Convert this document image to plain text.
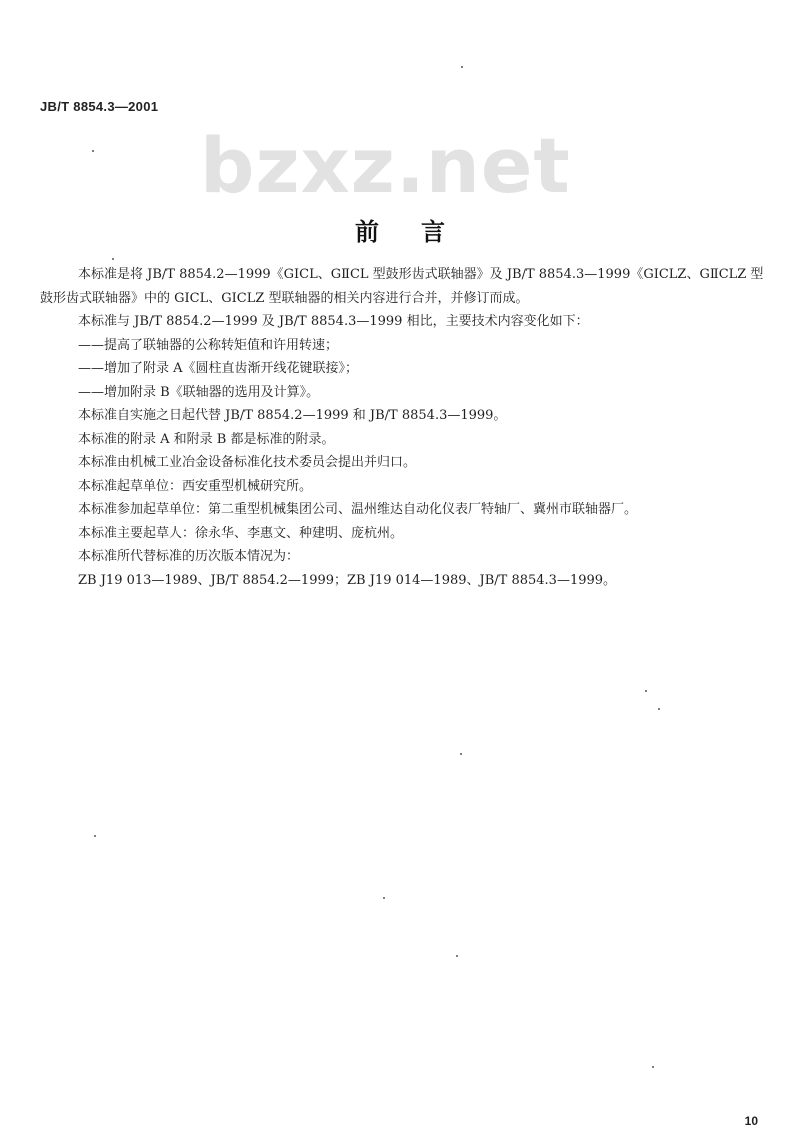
JB/T 8854.3—2001
bzxz.net
前言
本标准是将 JB/T 8854.2—1999《GⅠCL、GⅡCL 型鼓形齿式联轴器》及 JB/T 8854.3—1999《GⅠCLZ、GⅡCLZ 型鼓形齿式联轴器》中的 GⅠCL、GⅠCLZ 型联轴器的相关内容进行合并，并修订而成。
本标准与 JB/T 8854.2—1999 及 JB/T 8854.3—1999 相比，主要技术内容变化如下：
——提高了联轴器的公称转矩值和许用转速；
——增加了附录 A《圆柱直齿渐开线花键联接》；
——增加附录 B《联轴器的选用及计算》。
本标准自实施之日起代替 JB/T 8854.2—1999 和 JB/T 8854.3—1999。
本标准的附录 A 和附录 B 都是标准的附录。
本标准由机械工业冶金设备标准化技术委员会提出并归口。
本标准起草单位：西安重型机械研究所。
本标准参加起草单位：第二重型机械集团公司、温州维达自动化仪表厂特轴厂、冀州市联轴器厂。
本标准主要起草人：徐永华、李惠文、种建明、庞杭州。
本标准所代替标准的历次版本情况为：
ZB J19 013—1989、JB/T 8854.2—1999；ZB J19 014—1989、JB/T 8854.3—1999。
10
